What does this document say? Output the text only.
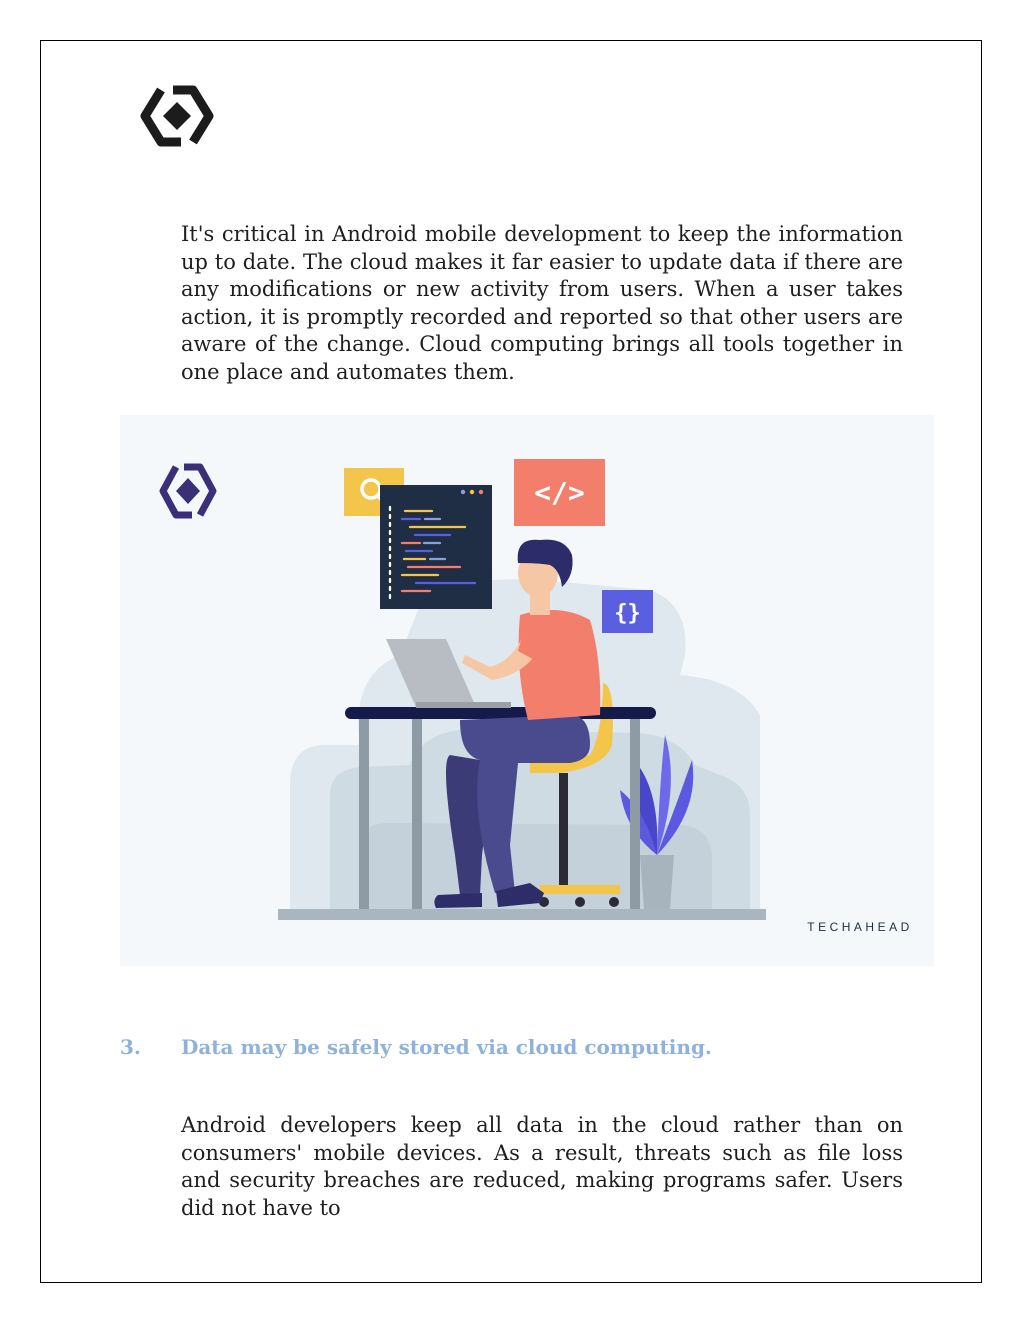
It's critical in Android mobile development to keep the information up to date. The cloud makes it far easier to update data if there are any modifications or new activity from users. When a user takes action, it is promptly recorded and reported so that other users are aware of the change. Cloud computing brings all tools together in one place and automates them.

</>
{}
TECHAHEAD
3. Data may be safely stored via cloud computing.

Android developers keep all data in the cloud rather than on consumers' mobile devices. As a result, threats such as file loss and security breaches are reduced, making programs safer. Users did not have to
